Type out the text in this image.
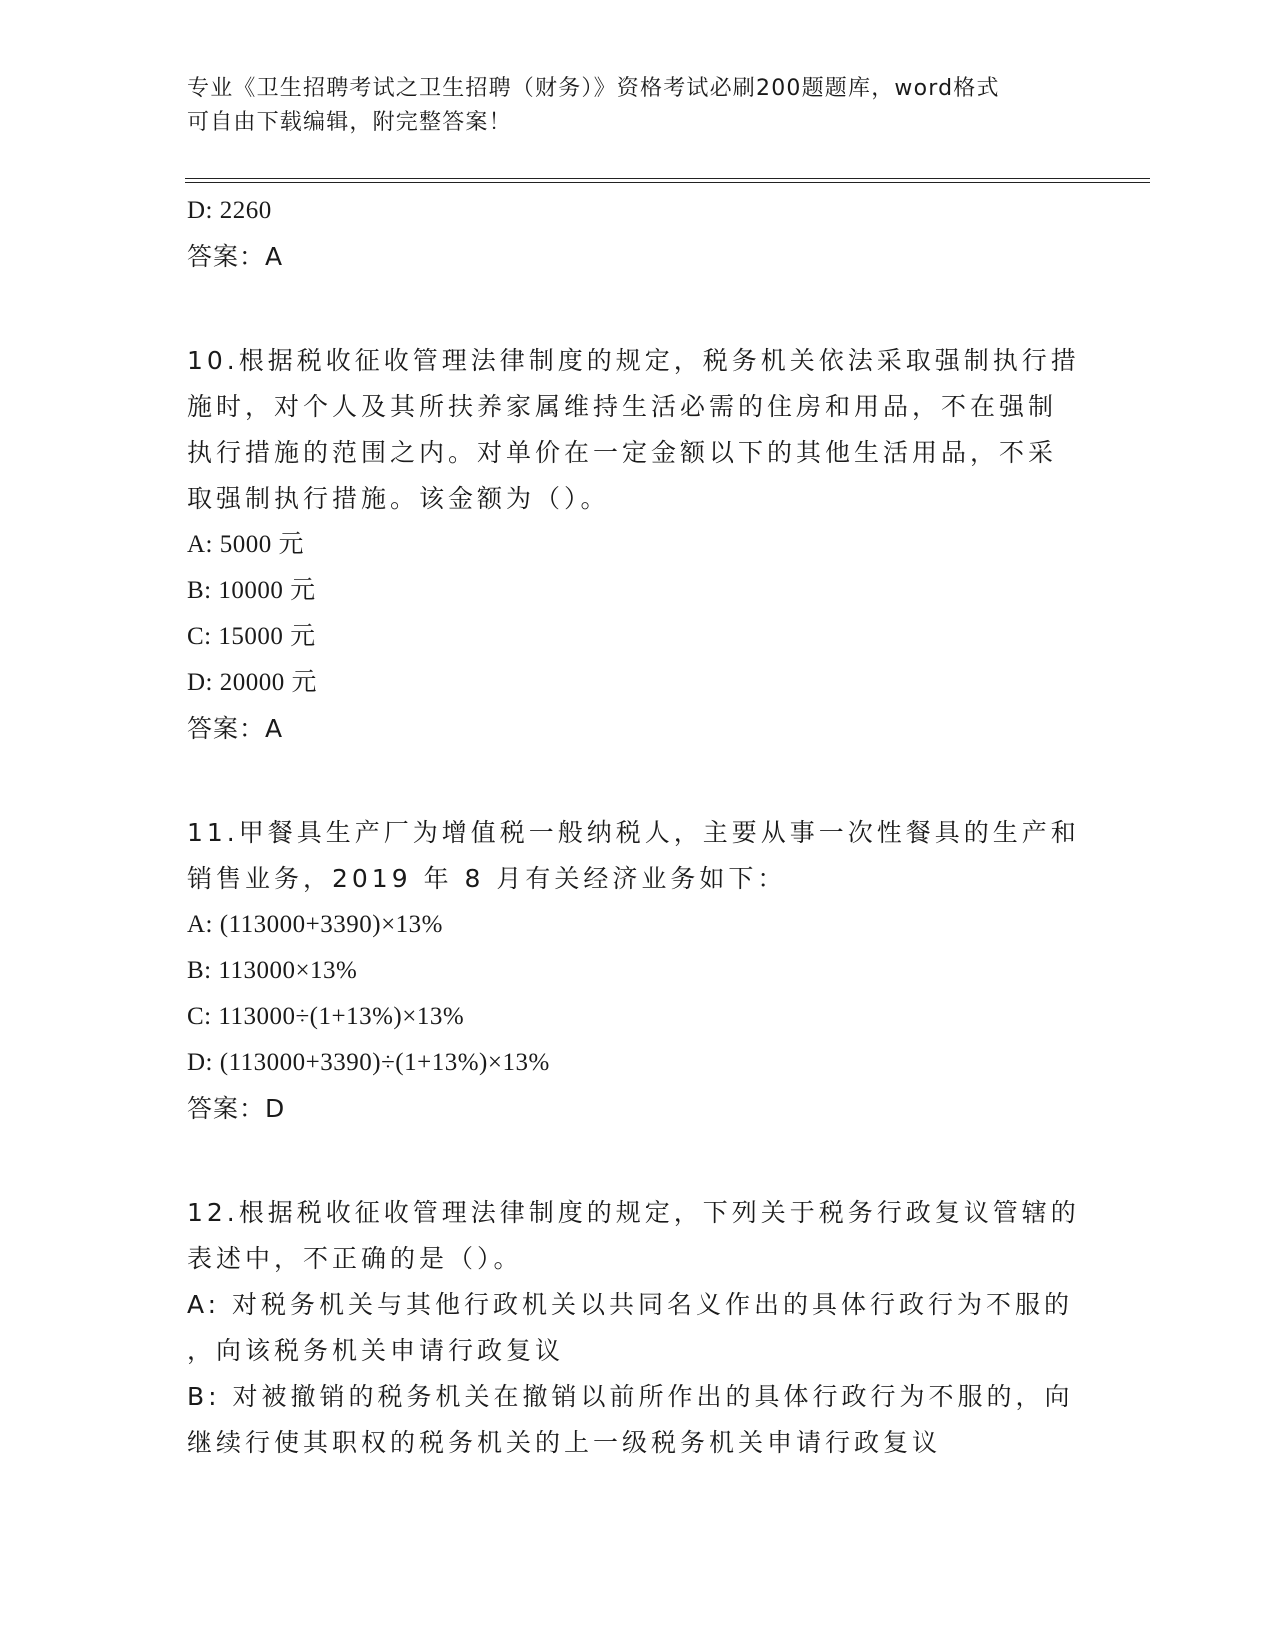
专业《卫生招聘考试之卫生招聘（财务）》资格考试必刷200题题库，word格式
可自由下载编辑，附完整答案！
D: 2260
答案：A
10.根据税收征收管理法律制度的规定，税务机关依法采取强制执行措
施时，对个人及其所扶养家属维持生活必需的住房和用品，不在强制
执行措施的范围之内。对单价在一定金额以下的其他生活用品，不采
取强制执行措施。该金额为（）。
A: 5000 元
B: 10000 元
C: 15000 元
D: 20000 元
答案：A
11.甲餐具生产厂为增值税一般纳税人，主要从事一次性餐具的生产和
销售业务，2019 年 8 月有关经济业务如下：
A: (113000+3390)×13%
B: 113000×13%
C: 113000÷(1+13%)×13%
D: (113000+3390)÷(1+13%)×13%
答案：D
12.根据税收征收管理法律制度的规定，下列关于税务行政复议管辖的
表述中，不正确的是（）。
A: 对税务机关与其他行政机关以共同名义作出的具体行政行为不服的
，向该税务机关申请行政复议
B: 对被撤销的税务机关在撤销以前所作出的具体行政行为不服的，向
继续行使其职权的税务机关的上一级税务机关申请行政复议
